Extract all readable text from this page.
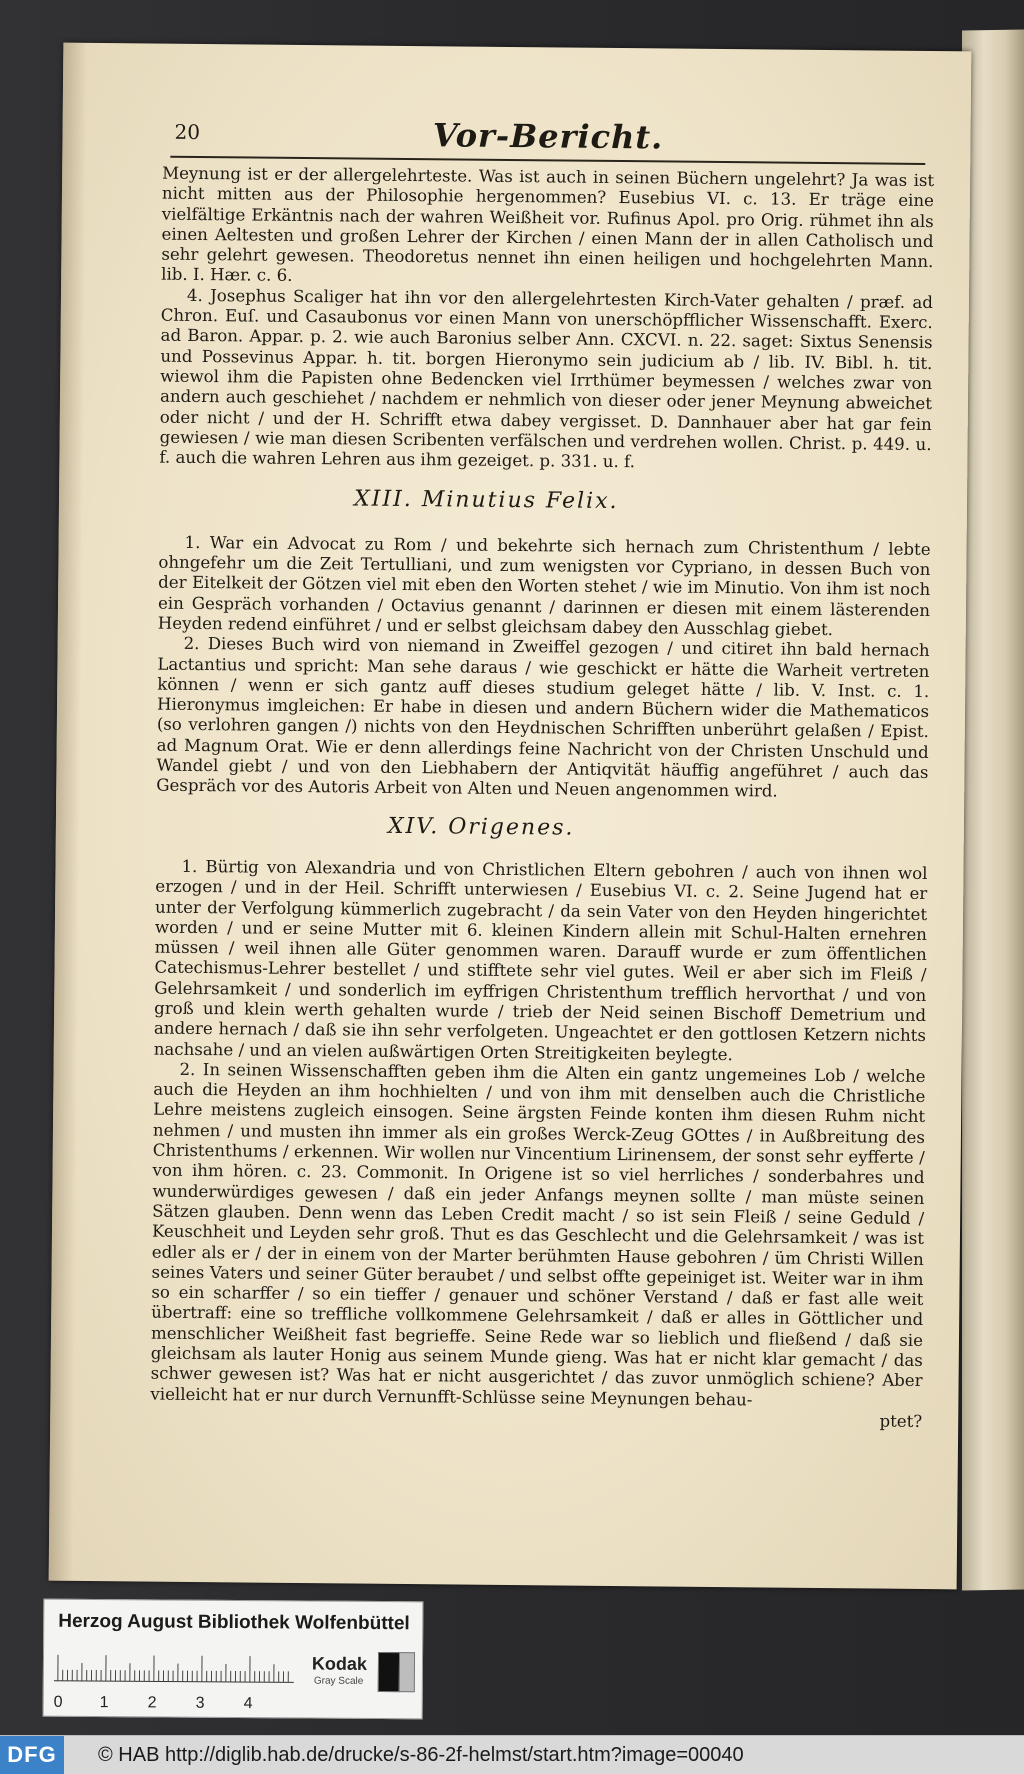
20	Vor-Bericht.

Meynung ist er der allergelehrteste. Was ist auch in seinen Büchern ungelehrt? Ja was ist nicht mitten aus der Philosophie hergenommen? Eusebius VI. c. 13. Er träge eine vielfältige Erkäntnis nach der wahren Weißheit vor. Rufinus Apol. pro Orig. rühmet ihn als einen Aeltesten und großen Lehrer der Kirchen / einen Mann der in allen Catholisch und sehr gelehrt gewesen. Theodoretus nennet ihn einen heiligen und hochgelehrten Mann. lib. I. Hær. c. 6.

4. Josephus Scaliger hat ihn vor den allergelehrtesten Kirch-Vater gehalten / præf. ad Chron. Euſ. und Casaubonus vor einen Mann von unerschöpfflicher Wissenschafft. Exerc. ad Baron. Appar. p. 2. wie auch Baronius selber Ann. CXCVI. n. 22. saget: Sixtus Senensis und Possevinus Appar. h. tit. borgen Hieronymo sein judicium ab / lib. IV. Bibl. h. tit. wiewol ihm die Papisten ohne Bedencken viel Irrthümer beymessen / welches zwar von andern auch geschiehet / nachdem er nehmlich von dieser oder jener Meynung abweichet oder nicht / und der H. Schrifft etwa dabey vergisset. D. Dannhauer aber hat gar fein gewiesen / wie man diesen Scribenten verfälschen und verdrehen wollen. Christ. p. 449. u. f. auch die wahren Lehren aus ihm gezeiget. p. 331. u. f.

XIII. Minutius Felix.

1. War ein Advocat zu Rom / und bekehrte sich hernach zum Christenthum / lebte ohngefehr um die Zeit Tertulliani, und zum wenigsten vor Cypriano, in dessen Buch von der Eitelkeit der Götzen viel mit eben den Worten stehet / wie im Minutio. Von ihm ist noch ein Gespräch vorhanden / Octavius genannt / darinnen er diesen mit einem lästerenden Heyden redend einführet / und er selbst gleichsam dabey den Ausschlag giebet.

2. Dieses Buch wird von niemand in Zweiffel gezogen / und citiret ihn bald hernach Lactantius und spricht: Man sehe daraus / wie geschickt er hätte die Warheit vertreten können / wenn er sich gantz auff dieses studium geleget hätte / lib. V. Inst. c. 1. Hieronymus imgleichen: Er habe in diesen und andern Büchern wider die Mathematicos (so verlohren gangen /) nichts von den Heydnischen Schrifften unberührt gelaßen / Epist. ad Magnum Orat. Wie er denn allerdings feine Nachricht von der Christen Unschuld und Wandel giebt / und von den Liebhabern der Antiqvität häuffig angeführet / auch das Gespräch vor des Autoris Arbeit von Alten und Neuen angenommen wird.

XIV. Origenes.

1. Bürtig von Alexandria und von Christlichen Eltern gebohren / auch von ihnen wol erzogen / und in der Heil. Schrifft unterwiesen / Eusebius VI. c. 2. Seine Jugend hat er unter der Verfolgung kümmerlich zugebracht / da sein Vater von den Heyden hingerichtet worden / und er seine Mutter mit 6. kleinen Kindern allein mit Schul-Halten ernehren müssen / weil ihnen alle Güter genommen waren. Darauff wurde er zum öffentlichen Catechismus-Lehrer bestellet / und stifftete sehr viel gutes. Weil er aber sich im Fleiß / Gelehrsamkeit / und sonderlich im eyffrigen Christenthum trefflich hervorthat / und von groß und klein werth gehalten wurde / trieb der Neid seinen Bischoff Demetrium und andere hernach / daß sie ihn sehr verfolgeten. Ungeachtet er den gottlosen Ketzern nichts nachsahe / und an vielen außwärtigen Orten Streitigkeiten beylegte.

2. In seinen Wissenschafften geben ihm die Alten ein gantz ungemeines Lob / welche auch die Heyden an ihm hochhielten / und von ihm mit denselben auch die Christliche Lehre meistens zugleich einsogen. Seine ärgsten Feinde konten ihm diesen Ruhm nicht nehmen / und musten ihn immer als ein großes Werck-Zeug GOttes / in Außbreitung des Christenthums / erkennen. Wir wollen nur Vincentium Lirinensem, der sonst sehr eyfferte / von ihm hören. c. 23. Commonit. In Origene ist so viel herrliches / sonderbahres und wunderwürdiges gewesen / daß ein jeder Anfangs meynen sollte / man müste seinen Sätzen glauben. Denn wenn das Leben Credit macht / so ist sein Fleiß / seine Geduld / Keuschheit und Leyden sehr groß. Thut es das Geschlecht und die Gelehrsamkeit / was ist edler als er / der in einem von der Marter berühmten Hause gebohren / üm Christi Willen seines Vaters und seiner Güter beraubet / und selbst offte gepeiniget ist. Weiter war in ihm so ein scharffer / so ein tieffer / genauer und schöner Verstand / daß er fast alle weit übertraff: eine so treffliche vollkommene Gelehrsamkeit / daß er alles in Göttlicher und menschlicher Weißheit fast begrieffe. Seine Rede war so lieblich und fließend / daß sie gleichsam als lauter Honig aus seinem Munde gieng. Was hat er nicht klar gemacht / das schwer gewesen ist? Was hat er nicht ausgerichtet / das zuvor unmöglich schiene? Aber vielleicht hat er nur durch Vernunfft-Schlüsse seine Meynungen behau-

ptet?

Herzog August Bibliothek Wolfenbüttel
0 1 2 3 4
Kodak
Gray Scale
DFG	© HAB http://diglib.hab.de/drucke/s-86-2f-helmst/start.htm?image=00040
